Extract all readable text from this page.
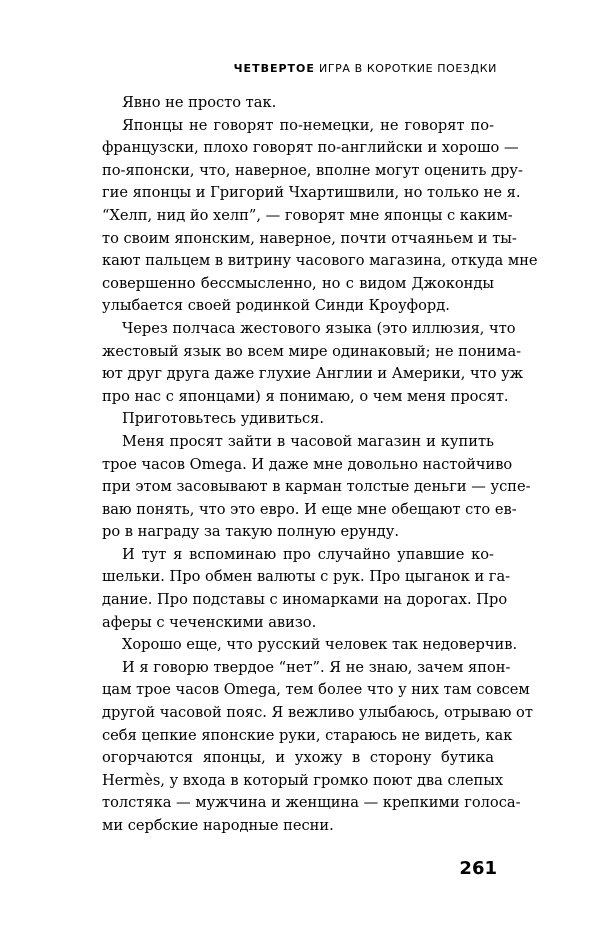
ЧЕТВЕРТОЕ ИГРА В КОРОТКИЕ ПОЕЗДКИ
Явно не просто так.
Японцы не говорят по-немецки, не говорят по-
французски, плохо говорят по-английски и хорошо —
по-японски, что, наверное, вполне могут оценить дру-
гие японцы и Григорий Чхартишвили, но только не я.
“Хелп, нид йо хелп”, — говорят мне японцы с каким-
то своим японским, наверное, почти отчаяньем и ты-
кают пальцем в витрину часового магазина, откуда мне
совершенно бессмысленно, но с видом Джоконды
улыбается своей родинкой Синди Кроуфорд.
Через полчаса жестового языка (это иллюзия, что
жестовый язык во всем мире одинаковый; не понима-
ют друг друга даже глухие Англии и Америки, что уж
про нас с японцами) я понимаю, о чем меня просят.
Приготовьтесь удивиться.
Меня просят зайти в часовой магазин и купить
трое часов Omega. И даже мне довольно настойчиво
при этом засовывают в карман толстые деньги — успе-
ваю понять, что это евро. И еще мне обещают сто ев-
ро в награду за такую полную ерунду.
И тут я вспоминаю про случайно упавшие ко-
шельки. Про обмен валюты с рук. Про цыганок и га-
дание. Про подставы с иномарками на дорогах. Про
аферы с чеченскими авизо.
Хорошо еще, что русский человек так недоверчив.
И я говорю твердое “нет”. Я не знаю, зачем япон-
цам трое часов Omega, тем более что у них там совсем
другой часовой пояс. Я вежливо улыбаюсь, отрываю от
себя цепкие японские руки, стараюсь не видеть, как
огорчаются японцы, и ухожу в сторону бутика
Hermès, у входа в который громко поют два слепых
толстяка — мужчина и женщина — крепкими голоса-
ми сербские народные песни.
261
